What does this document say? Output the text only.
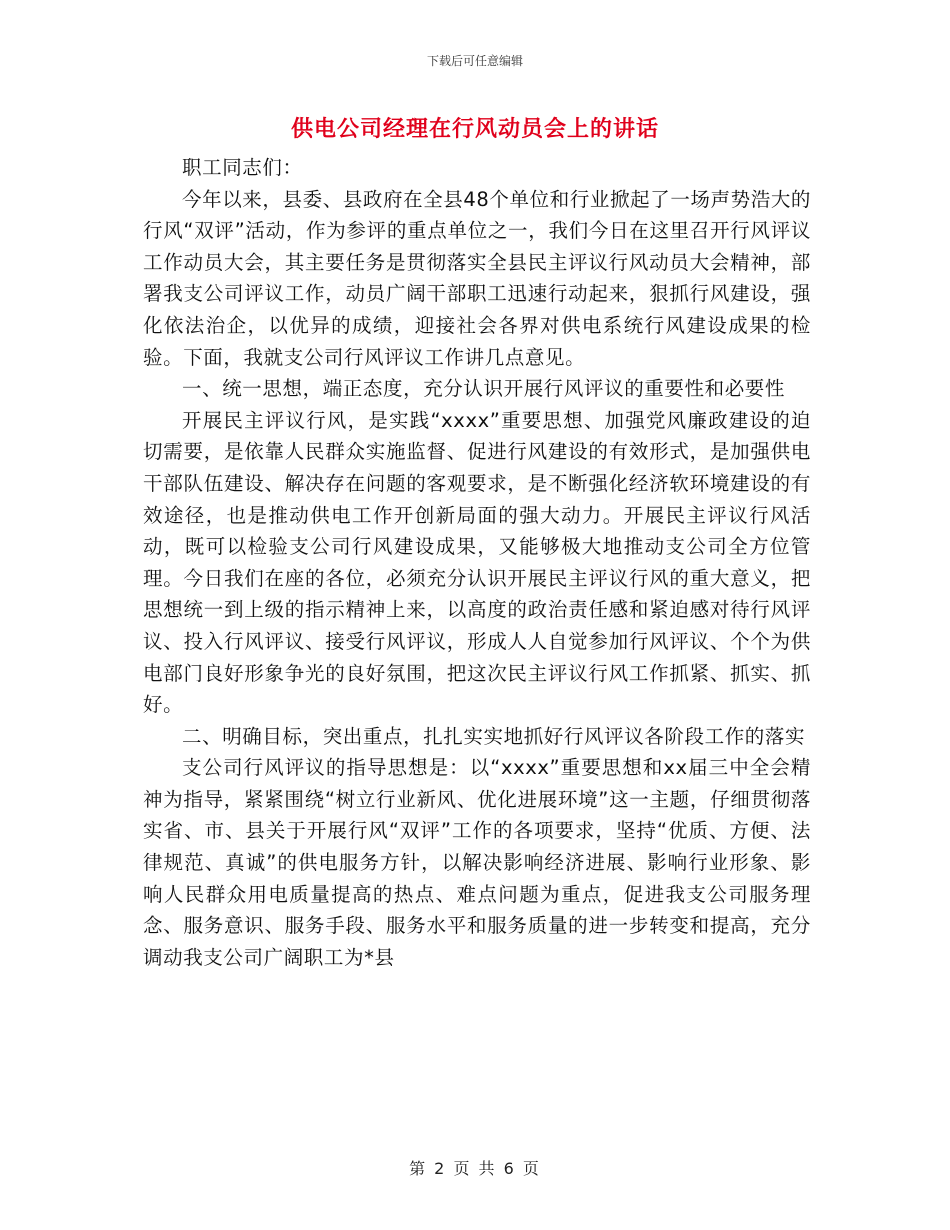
下载后可任意编辑
供电公司经理在行风动员会上的讲话

职工同志们：

今年以来，县委、县政府在全县48个单位和行业掀起了一场声势浩大的行风“双评”活动，作为参评的重点单位之一，我们今日在这里召开行风评议工作动员大会，其主要任务是贯彻落实全县民主评议行风动员大会精神，部署我支公司评议工作，动员广阔干部职工迅速行动起来，狠抓行风建设，强化依法治企，以优异的成绩，迎接社会各界对供电系统行风建设成果的检验。下面，我就支公司行风评议工作讲几点意见。

一、统一思想，端正态度，充分认识开展行风评议的重要性和必要性

开展民主评议行风，是实践“xxxx”重要思想、加强党风廉政建设的迫切需要，是依靠人民群众实施监督、促进行风建设的有效形式，是加强供电干部队伍建设、解决存在问题的客观要求，是不断强化经济软环境建设的有效途径，也是推动供电工作开创新局面的强大动力。开展民主评议行风活动，既可以检验支公司行风建设成果，又能够极大地推动支公司全方位管理。今日我们在座的各位，必须充分认识开展民主评议行风的重大意义，把思想统一到上级的指示精神上来，以高度的政治责任感和紧迫感对待行风评议、投入行风评议、接受行风评议，形成人人自觉参加行风评议、个个为供电部门良好形象争光的良好氛围，把这次民主评议行风工作抓紧、抓实、抓好。

二、明确目标，突出重点，扎扎实实地抓好行风评议各阶段工作的落实

支公司行风评议的指导思想是：以“xxxx”重要思想和xx届三中全会精神为指导，紧紧围绕“树立行业新风、优化进展环境”这一主题，仔细贯彻落实省、市、县关于开展行风“双评”工作的各项要求，坚持“优质、方便、法律规范、真诚”的供电服务方针，以解决影响经济进展、影响行业形象、影响人民群众用电质量提高的热点、难点问题为重点，促进我支公司服务理念、服务意识、服务手段、服务水平和服务质量的进一步转变和提高，充分调动我支公司广阔职工为*县

第 2 页 共 6 页
